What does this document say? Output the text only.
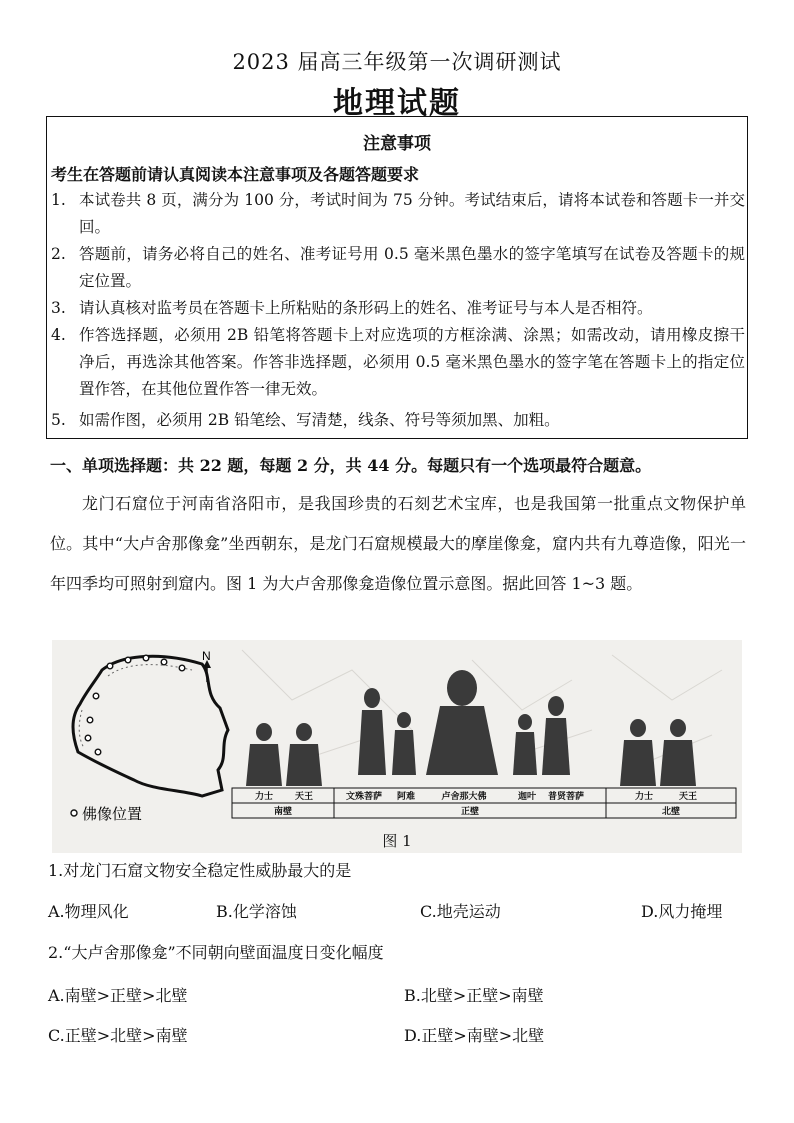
2023 届高三年级第一次调研测试
地理试题
注意事项
考生在答题前请认真阅读本注意事项及各题答题要求
1. 本试卷共 8 页，满分为 100 分，考试时间为 75 分钟。考试结束后，请将本试卷和答题卡一并交回。
2. 答题前，请务必将自己的姓名、准考证号用 0.5 毫米黑色墨水的签字笔填写在试卷及答题卡的规定位置。
3. 请认真核对监考员在答题卡上所粘贴的条形码上的姓名、准考证号与本人是否相符。
4. 作答选择题，必须用 2B 铅笔将答题卡上对应选项的方框涂满、涂黑；如需改动，请用橡皮擦干净后，再选涂其他答案。作答非选择题，必须用 0.5 毫米黑色墨水的签字笔在答题卡上的指定位置作答，在其他位置作答一律无效。
5. 如需作图，必须用 2B 铅笔绘、写清楚，线条、符号等须加黑、加粗。
一、单项选择题：共 22 题，每题 2 分，共 44 分。每题只有一个选项最符合题意。
龙门石窟位于河南省洛阳市，是我国珍贵的石刻艺术宝库，也是我国第一批重点文物保护单位。其中“大卢舍那像龛”坐西朝东，是龙门石窟规模最大的摩崖像龛，窟内共有九尊造像，阳光一年四季均可照射到窟内。图 1 为大卢舍那像龛造像位置示意图。据此回答 1~3 题。
N
佛像位置
力士 天王	文殊菩萨 阿难	卢舍那大佛	迦叶 普贤菩萨	力士	天王
南壁	正壁	北壁
图 1
1.对龙门石窟文物安全稳定性威胁最大的是
A.物理风化	B.化学溶蚀	C.地壳运动	D.风力掩埋
2.“大卢舍那像龛”不同朝向壁面温度日变化幅度
A.南壁>正壁>北壁	B.北壁>正壁>南壁
C.正壁>北壁>南壁	D.正壁>南壁>北壁
